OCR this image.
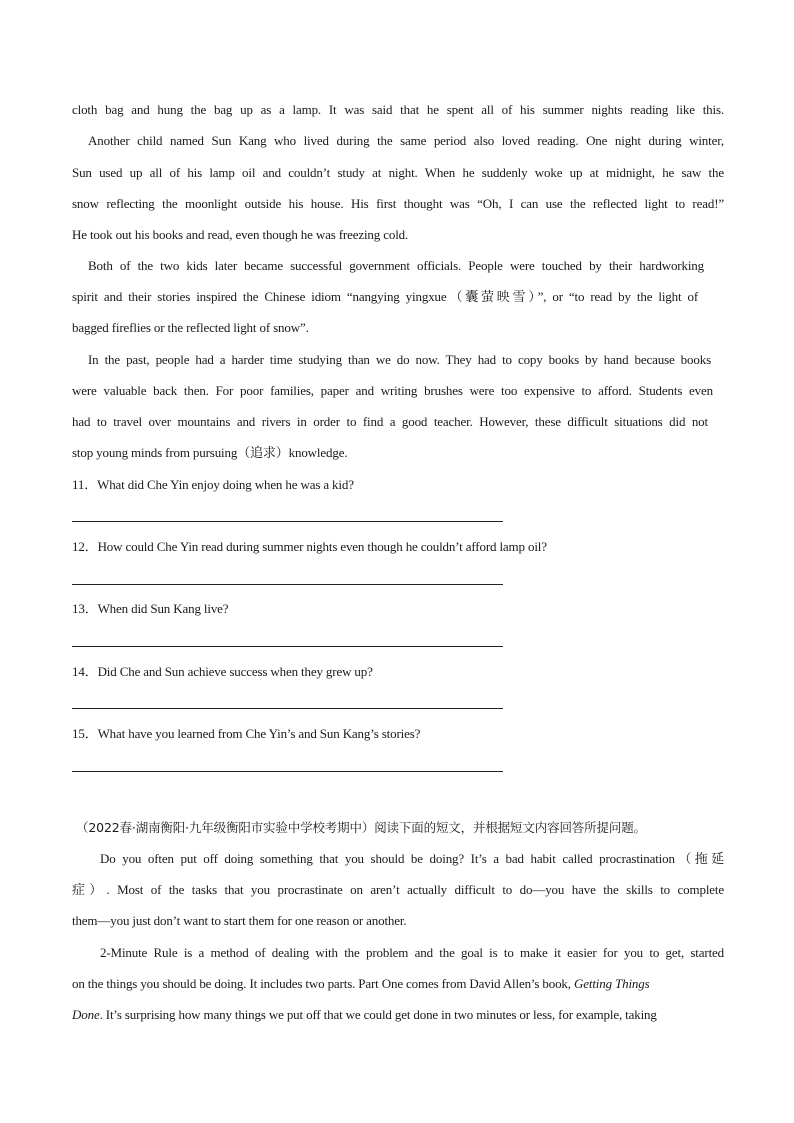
cloth bag and hung the bag up as a lamp. It was said that he spent all of his summer nights reading like this.
Another child named Sun Kang who lived during the same period also loved reading. One night during winter,
Sun used up all of his lamp oil and couldn’t study at night. When he suddenly woke up at midnight, he saw the
snow reflecting the moonlight outside his house. His first thought was “Oh, I can use the reflected light to read!”
He took out his books and read, even though he was freezing cold.
Both of the two kids later became successful government officials. People were touched by their hardworking
spirit and their stories inspired the Chinese idiom “nangying yingxue（囊萤映雪）”, or “to read by the light of
bagged fireflies or the reflected light of snow”.
In the past, people had a harder time studying than we do now. They had to copy books by hand because books
were valuable back then. For poor families, paper and writing brushes were too expensive to afford. Students even
had to travel over mountains and rivers in order to find a good teacher. However, these difficult situations did not
stop young minds from pursuing（追求）knowledge.
11．What did Che Yin enjoy doing when he was a kid?
12．How could Che Yin read during summer nights even though he couldn’t afford lamp oil?
13．When did Sun Kang live?
14．Did Che and Sun achieve success when they grew up?
15．What have you learned from Che Yin’s and Sun Kang’s stories?
（2022春·湖南衡阳·九年级衡阳市实验中学校考期中）阅读下面的短文，并根据短文内容回答所提问题。
Do you often put off doing something that you should be doing? It’s a bad habit called procrastination（拖延
症）. Most of the tasks that you procrastinate on aren’t actually difficult to do—you have the skills to complete
them—you just don’t want to start them for one reason or another.
2-Minute Rule is a method of dealing with the problem and the goal is to make it easier for you to get, started
on the things you should be doing. It includes two parts. Part One comes from David Allen’s book, Getting Things
Done. It’s surprising how many things we put off that we could get done in two minutes or less, for example, taking
